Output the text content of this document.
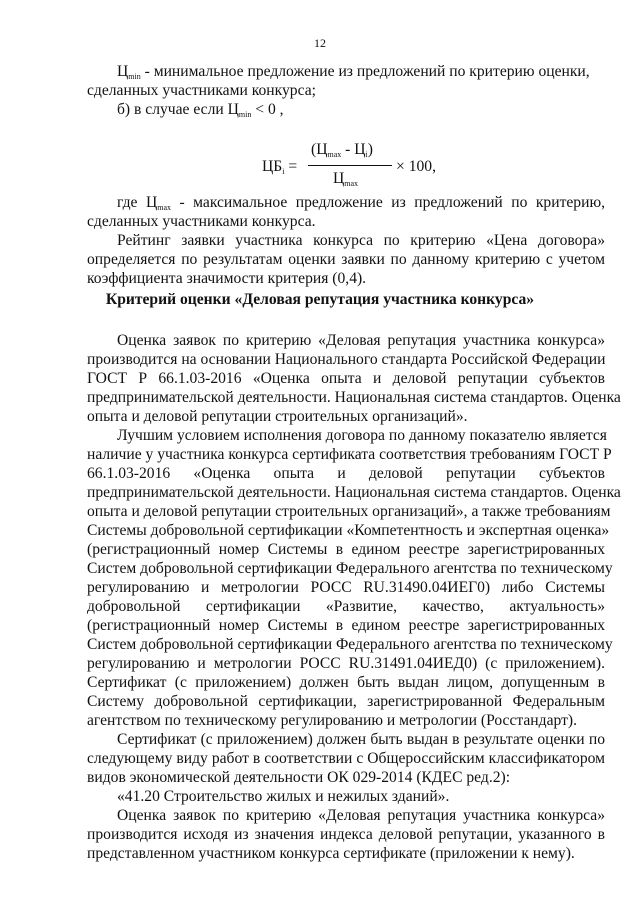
12
$Ц_{min}$ - минимальное предложение из предложений по критерию оценки,
сделанных участниками конкурса;
б) в случае если $Ц_{min} < 0$ ,
$ЦБ_i$ =
$(Ц_{max} - Ц_i)$
$Ц_{max}$
× 100,
где $Ц_{max}$ - максимальное предложение из предложений по критерию,
сделанных участниками конкурса.
Рейтинг заявки участника конкурса по критерию «Цена договора»
определяется по результатам оценки заявки по данному критерию с учетом
коэффициента значимости критерия (0,4).
Критерий оценки «Деловая репутация участника конкурса»
Оценка заявок по критерию «Деловая репутация участника конкурса»
производится на основании Национального стандарта Российской Федерации
ГОСТ Р 66.1.03-2016 «Оценка опыта и деловой репутации субъектов
предпринимательской деятельности. Национальная система стандартов. Оценка
опыта и деловой репутации строительных организаций».
Лучшим условием исполнения договора по данному показателю является
наличие у участника конкурса сертификата соответствия требованиям ГОСТ Р
66.1.03-2016 «Оценка опыта и деловой репутации субъектов
предпринимательской деятельности. Национальная система стандартов. Оценка
опыта и деловой репутации строительных организаций», а также требованиям
Системы добровольной сертификации «Компетентность и экспертная оценка»
(регистрационный номер Системы в едином реестре зарегистрированных
Систем добровольной сертификации Федерального агентства по техническому
регулированию и метрологии РОСС RU.31490.04ИЕГ0) либо Системы
добровольной сертификации «Развитие, качество, актуальность»
(регистрационный номер Системы в едином реестре зарегистрированных
Систем добровольной сертификации Федерального агентства по техническому
регулированию и метрологии РОСС RU.31491.04ИЕД0) (с приложением).
Сертификат (с приложением) должен быть выдан лицом, допущенным в
Систему добровольной сертификации, зарегистрированной Федеральным
агентством по техническому регулированию и метрологии (Росстандарт).
Сертификат (с приложением) должен быть выдан в результате оценки по
следующему виду работ в соответствии с Общероссийским классификатором
видов экономической деятельности ОК 029-2014 (КДЕС ред.2):
«41.20 Строительство жилых и нежилых зданий».
Оценка заявок по критерию «Деловая репутация участника конкурса»
производится исходя из значения индекса деловой репутации, указанного в
представленном участником конкурса сертификате (приложении к нему).
